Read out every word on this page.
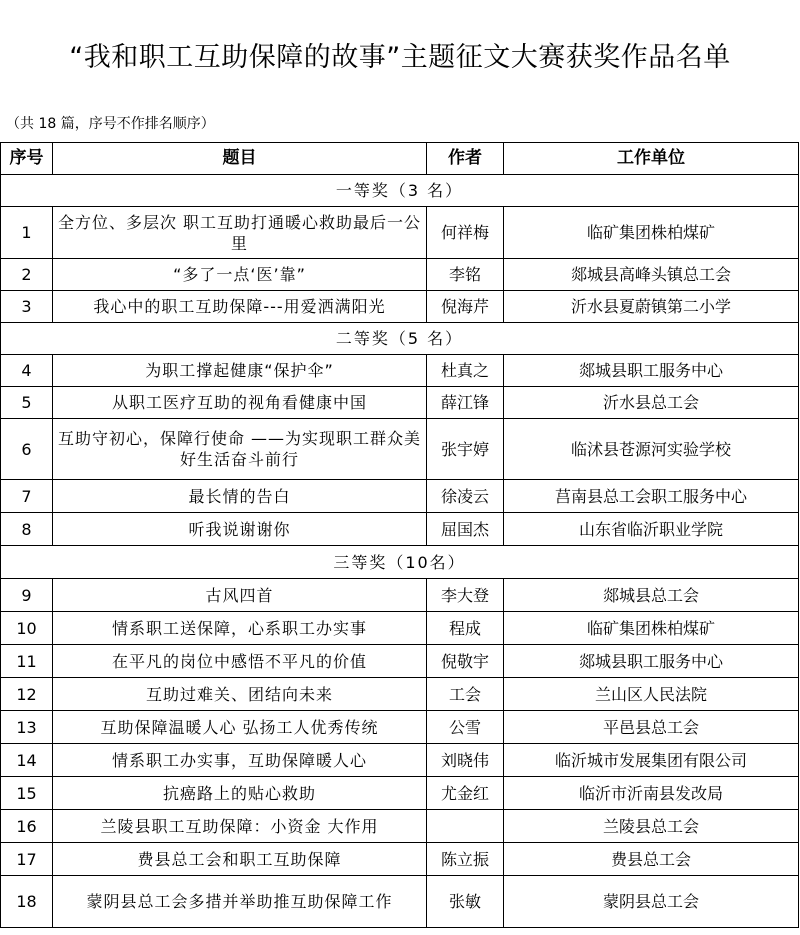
“我和职工互助保障的故事”主题征文大赛获奖作品名单
（共 18 篇，序号不作排名顺序）
序号	题目	作者	工作单位
一等奖（3 名）			
1	全方位、多层次 职工互助打通暖心救助最后一公里	何祥梅	临矿集团株柏煤矿
2	“多了一点‘医’靠”	李铭	郯城县高峰头镇总工会
3	我心中的职工互助保障---用爱洒满阳光	倪海芹	沂水县夏蔚镇第二小学
二等奖（5 名）			
4	为职工撑起健康“保护伞”	杜真之	郯城县职工服务中心
5	从职工医疗互助的视角看健康中国	薛江锋	沂水县总工会
6	互助守初心，保障行使命 ——为实现职工群众美好生活奋斗前行	张宇婷	临沭县苍源河实验学校
7	最长情的告白	徐凌云	莒南县总工会职工服务中心
8	听我说谢谢你	屈国杰	山东省临沂职业学院
三等奖（10名）			
9	古风四首	李大登	郯城县总工会
10	情系职工送保障，心系职工办实事	程成	临矿集团株柏煤矿
11	在平凡的岗位中感悟不平凡的价值	倪敬宇	郯城县职工服务中心
12	互助过难关、团结向未来	工会	兰山区人民法院
13	互助保障温暖人心 弘扬工人优秀传统	公雪	平邑县总工会
14	情系职工办实事，互助保障暖人心	刘晓伟	临沂城市发展集团有限公司
15	抗癌路上的贴心救助	尤金红	临沂市沂南县发改局
16	兰陵县职工互助保障：小资金 大作用		兰陵县总工会
17	费县总工会和职工互助保障	陈立振	费县总工会
18	蒙阴县总工会多措并举助推互助保障工作	张敏	蒙阴县总工会
